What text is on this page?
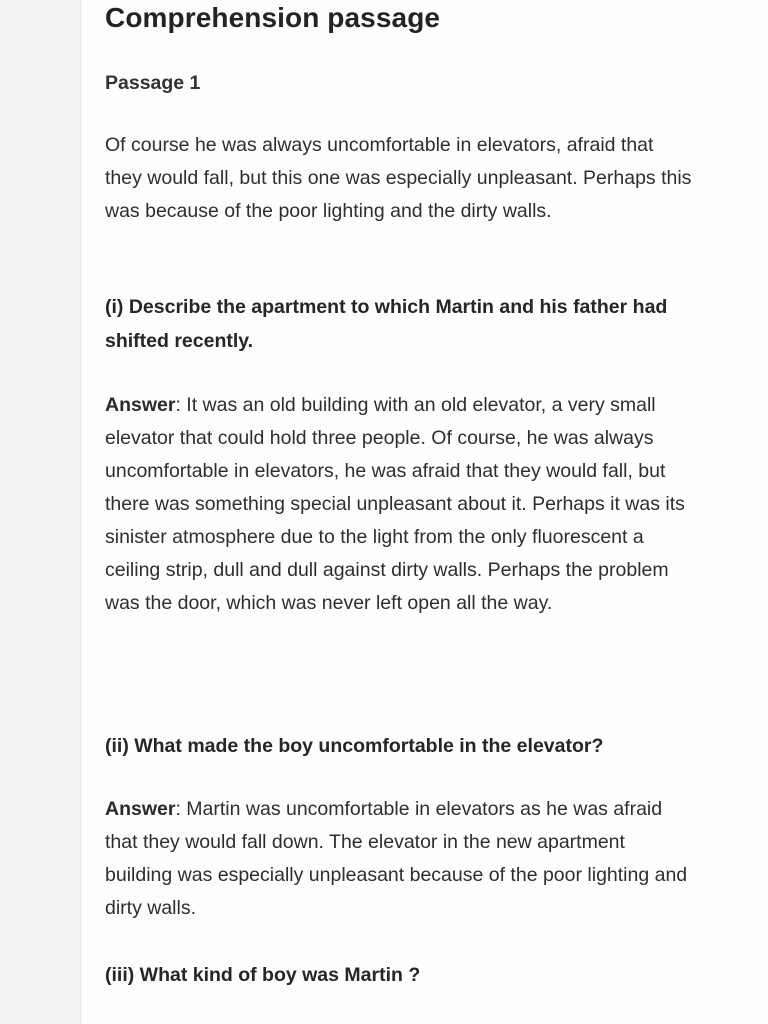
Comprehension passage

Passage 1

Of course he was always uncomfortable in elevators, afraid that they would fall, but this one was especially unpleasant. Perhaps this was because of the poor lighting and the dirty walls.

(i) Describe the apartment to which Martin and his father had shifted recently.

Answer: It was an old building with an old elevator, a very small elevator that could hold three people. Of course, he was always uncomfortable in elevators, he was afraid that they would fall, but there was something special unpleasant about it. Perhaps it was its sinister atmosphere due to the light from the only fluorescent a ceiling strip, dull and dull against dirty walls. Perhaps the problem was the door, which was never left open all the way.

(ii) What made the boy uncomfortable in the elevator?

Answer: Martin was uncomfortable in elevators as he was afraid that they would fall down. The elevator in the new apartment building was especially unpleasant because of the poor lighting and dirty walls.

(iii) What kind of boy was Martin ?
